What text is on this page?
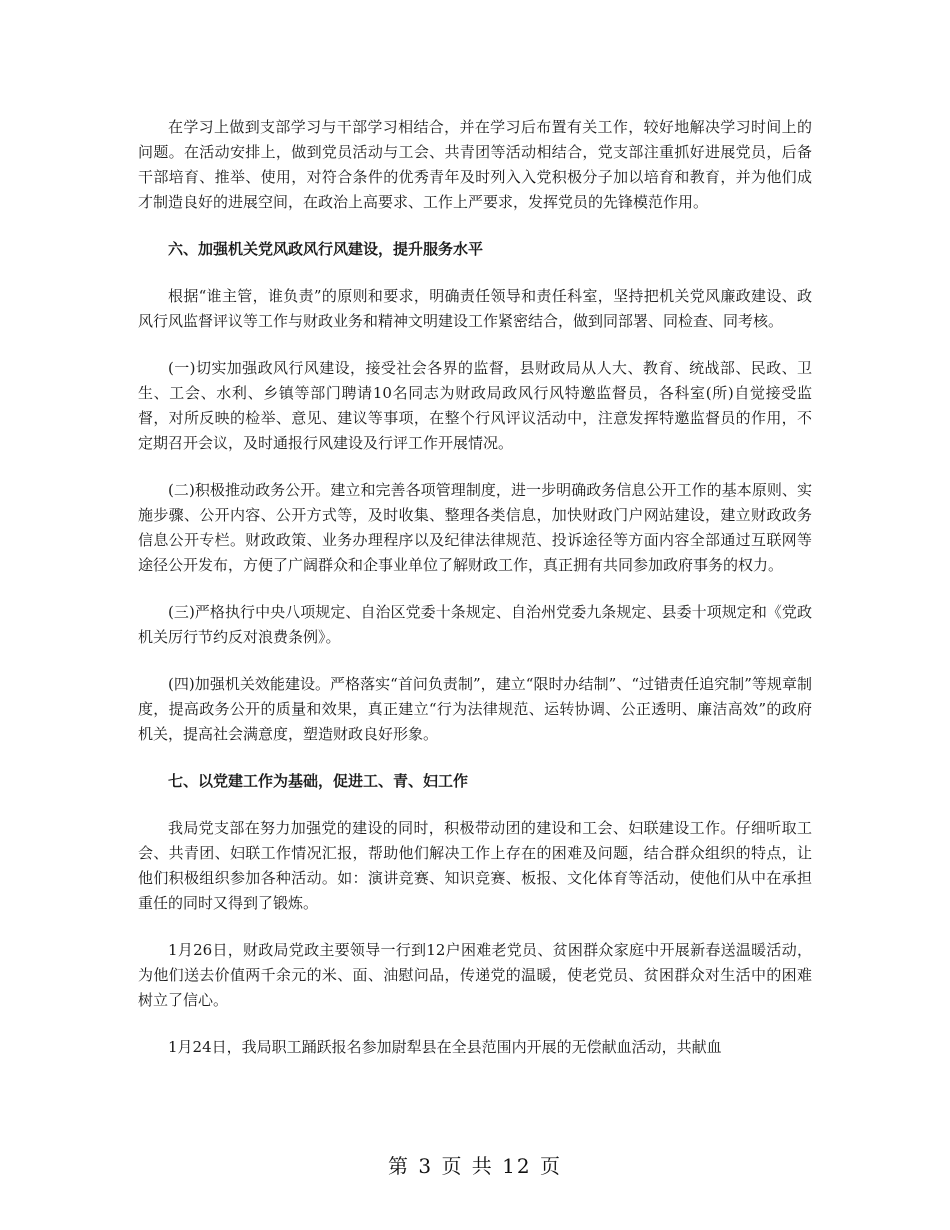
在学习上做到支部学习与干部学习相结合，并在学习后布置有关工作，较好地解决学习时间上的问题。在活动安排上，做到党员活动与工会、共青团等活动相结合，党支部注重抓好进展党员，后备干部培育、推举、使用，对符合条件的优秀青年及时列入入党积极分子加以培育和教育，并为他们成才制造良好的进展空间，在政治上高要求、工作上严要求，发挥党员的先锋模范作用。

六、加强机关党风政风行风建设，提升服务水平

根据“谁主管，谁负责”的原则和要求，明确责任领导和责任科室，坚持把机关党风廉政建设、政风行风监督评议等工作与财政业务和精神文明建设工作紧密结合，做到同部署、同检查、同考核。

(一)切实加强政风行风建设，接受社会各界的监督，县财政局从人大、教育、统战部、民政、卫生、工会、水利、乡镇等部门聘请10名同志为财政局政风行风特邀监督员，各科室(所)自觉接受监督，对所反映的检举、意见、建议等事项，在整个行风评议活动中，注意发挥特邀监督员的作用，不定期召开会议，及时通报行风建设及行评工作开展情况。

(二)积极推动政务公开。建立和完善各项管理制度，进一步明确政务信息公开工作的基本原则、实施步骤、公开内容、公开方式等，及时收集、整理各类信息，加快财政门户网站建设，建立财政政务信息公开专栏。财政政策、业务办理程序以及纪律法律规范、投诉途径等方面内容全部通过互联网等途径公开发布，方便了广阔群众和企事业单位了解财政工作，真正拥有共同参加政府事务的权力。

(三)严格执行中央八项规定、自治区党委十条规定、自治州党委九条规定、县委十项规定和《党政机关厉行节约反对浪费条例》。

(四)加强机关效能建设。严格落实“首问负责制”，建立“限时办结制”、“过错责任追究制”等规章制度，提高政务公开的质量和效果，真正建立“行为法律规范、运转协调、公正透明、廉洁高效”的政府机关，提高社会满意度，塑造财政良好形象。

七、以党建工作为基础，促进工、青、妇工作

我局党支部在努力加强党的建设的同时，积极带动团的建设和工会、妇联建设工作。仔细听取工会、共青团、妇联工作情况汇报，帮助他们解决工作上存在的困难及问题，结合群众组织的特点，让他们积极组织参加各种活动。如：演讲竞赛、知识竞赛、板报、文化体育等活动，使他们从中在承担重任的同时又得到了锻炼。

1月26日，财政局党政主要领导一行到12户困难老党员、贫困群众家庭中开展新春送温暖活动，为他们送去价值两千余元的米、面、油慰问品，传递党的温暖，使老党员、贫困群众对生活中的困难树立了信心。

1月24日，我局职工踊跃报名参加尉犁县在全县范围内开展的无偿献血活动，共献血

第 3 页 共 12 页
